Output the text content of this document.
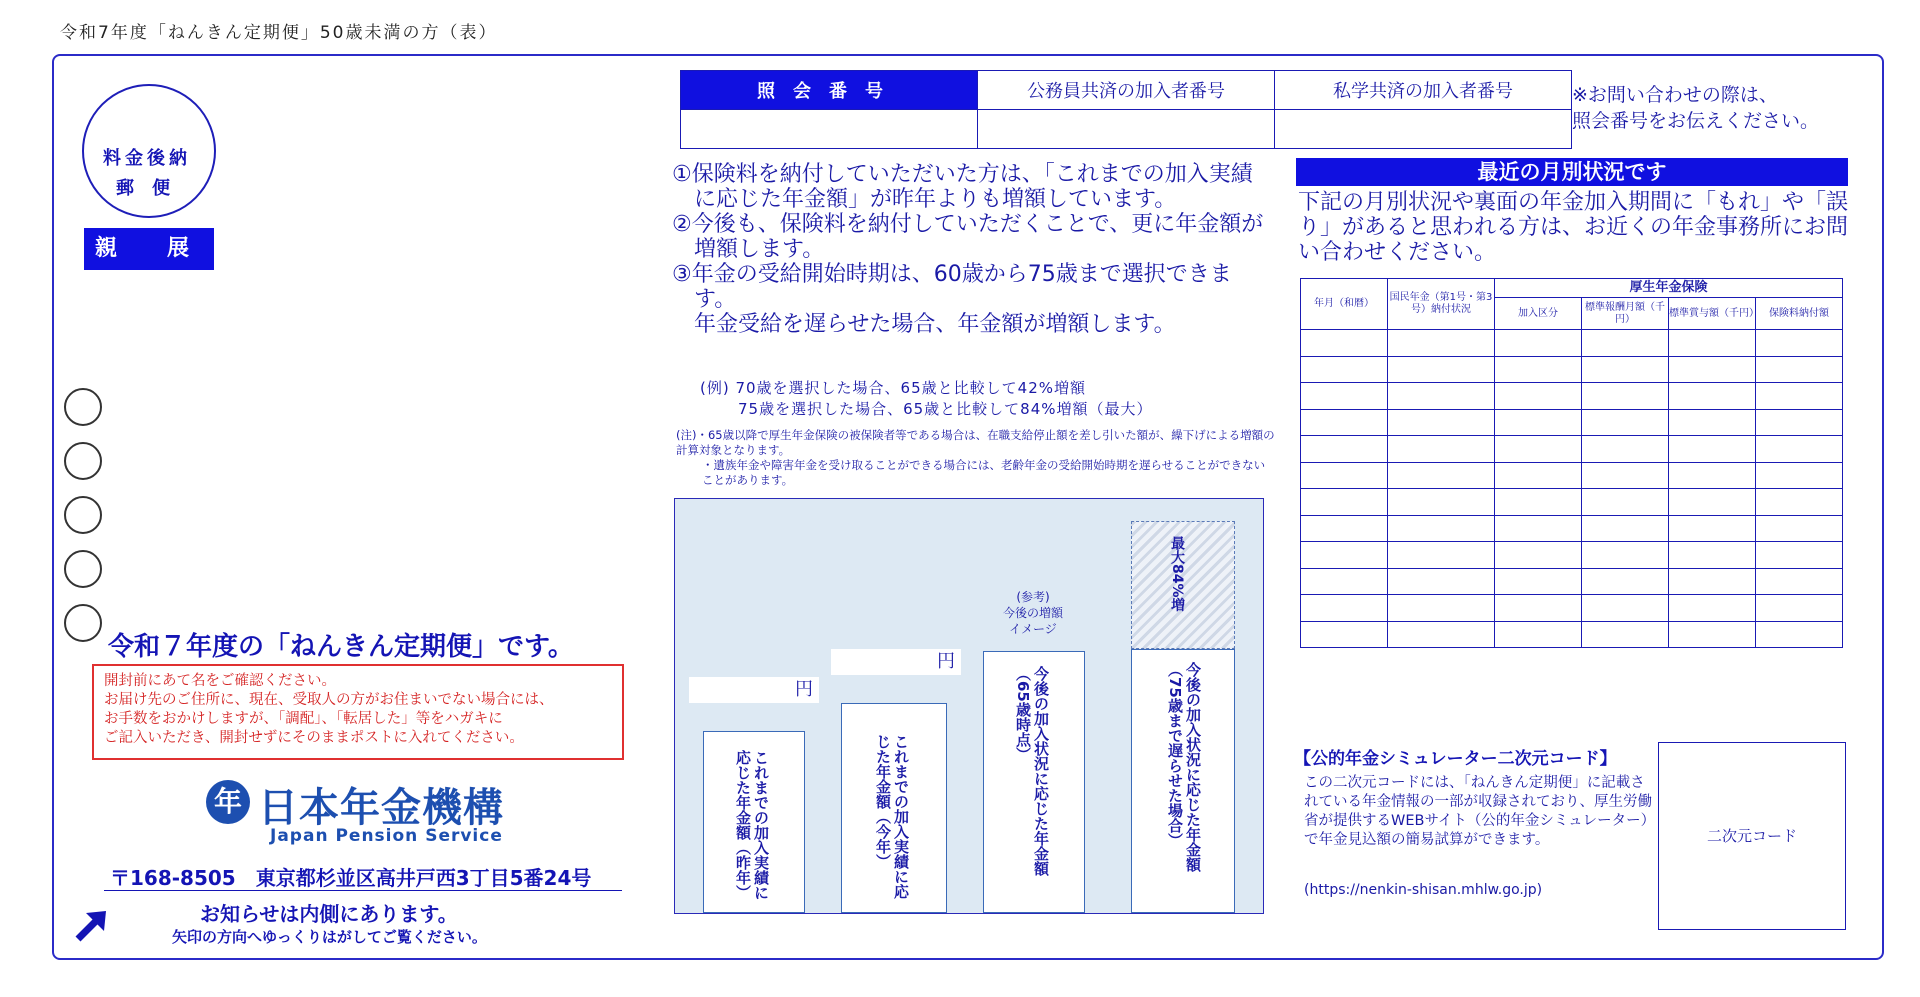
令和7年度「ねんきん定期便」50歳未満の方（表）
料金後納
郵便
親　展
令和７年度の「ねんきん定期便」です。
開封前にあて名をご確認ください。
お届け先のご住所に、現在、受取人の方がお住まいでない場合には、
お手数をおかけしますが、「調配」、「転居した」等をハガキに
ご記入いただき、開封せずにそのままポストに入れてください。
年 日本年金機構
Japan Pension Service
〒168-8505　東京都杉並区高井戸西3丁目5番24号
お知らせは内側にあります。
矢印の方向へゆっくりはがしてご覧ください。
照会番号	公務員共済の加入者番号	私学共済の加入者番号
			※お問い合わせの際は、
照会番号をお伝えください。
①保険料を納付していただいた方は、「これまでの加入実績に応じた年金額」が昨年よりも増額しています。
②今後も、保険料を納付していただくことで、更に年金額が増額します。
③年金の受給開始時期は、60歳から75歳まで選択できます。
年金受給を遅らせた場合、年金額が増額します。
(例) 70歳を選択した場合、65歳と比較して42%増額
75歳を選択した場合、65歳と比較して84%増額（最大）
(注)・65歳以降で厚生年金保険の被保険者等である場合は、在職支給停止額を差し引いた額が、繰下げによる増額の計算対象となります。
・遺族年金や障害年金を受け取ることができる場合には、老齢年金の受給開始時期を遅らせることができないことがあります。
円
円
これまでの加入実績に応じた年金額（昨年）	これまでの加入実績に応じた年金額（今年）
(参考)
今後の増額
イメージ
今後の加入状況に応じた年金額（65歳時点）
最大84%増
今後の加入状況に応じた年金額（75歳まで遅らせた場合）
最近の月別状況です
下記の月別状況や裏面の年金加入期間に「もれ」や「誤り」があると思われる方は、お近くの年金事務所にお問い合わせください。
年月（和暦）	国民年金（第1号・第3号）納付状況	厚生年金保険			
		加入区分	標準報酬月額（千円）	標準賞与額（千円）	保険料納付額

【公的年金シミュレーター二次元コード】
この二次元コードには、「ねんきん定期便」に記載されている年金情報の一部が収録されており、厚生労働省が提供するWEBサイト（公的年金シミュレーター）で年金見込額の簡易試算ができます。
(https://nenkin-shisan.mhlw.go.jp)
二次元コード
